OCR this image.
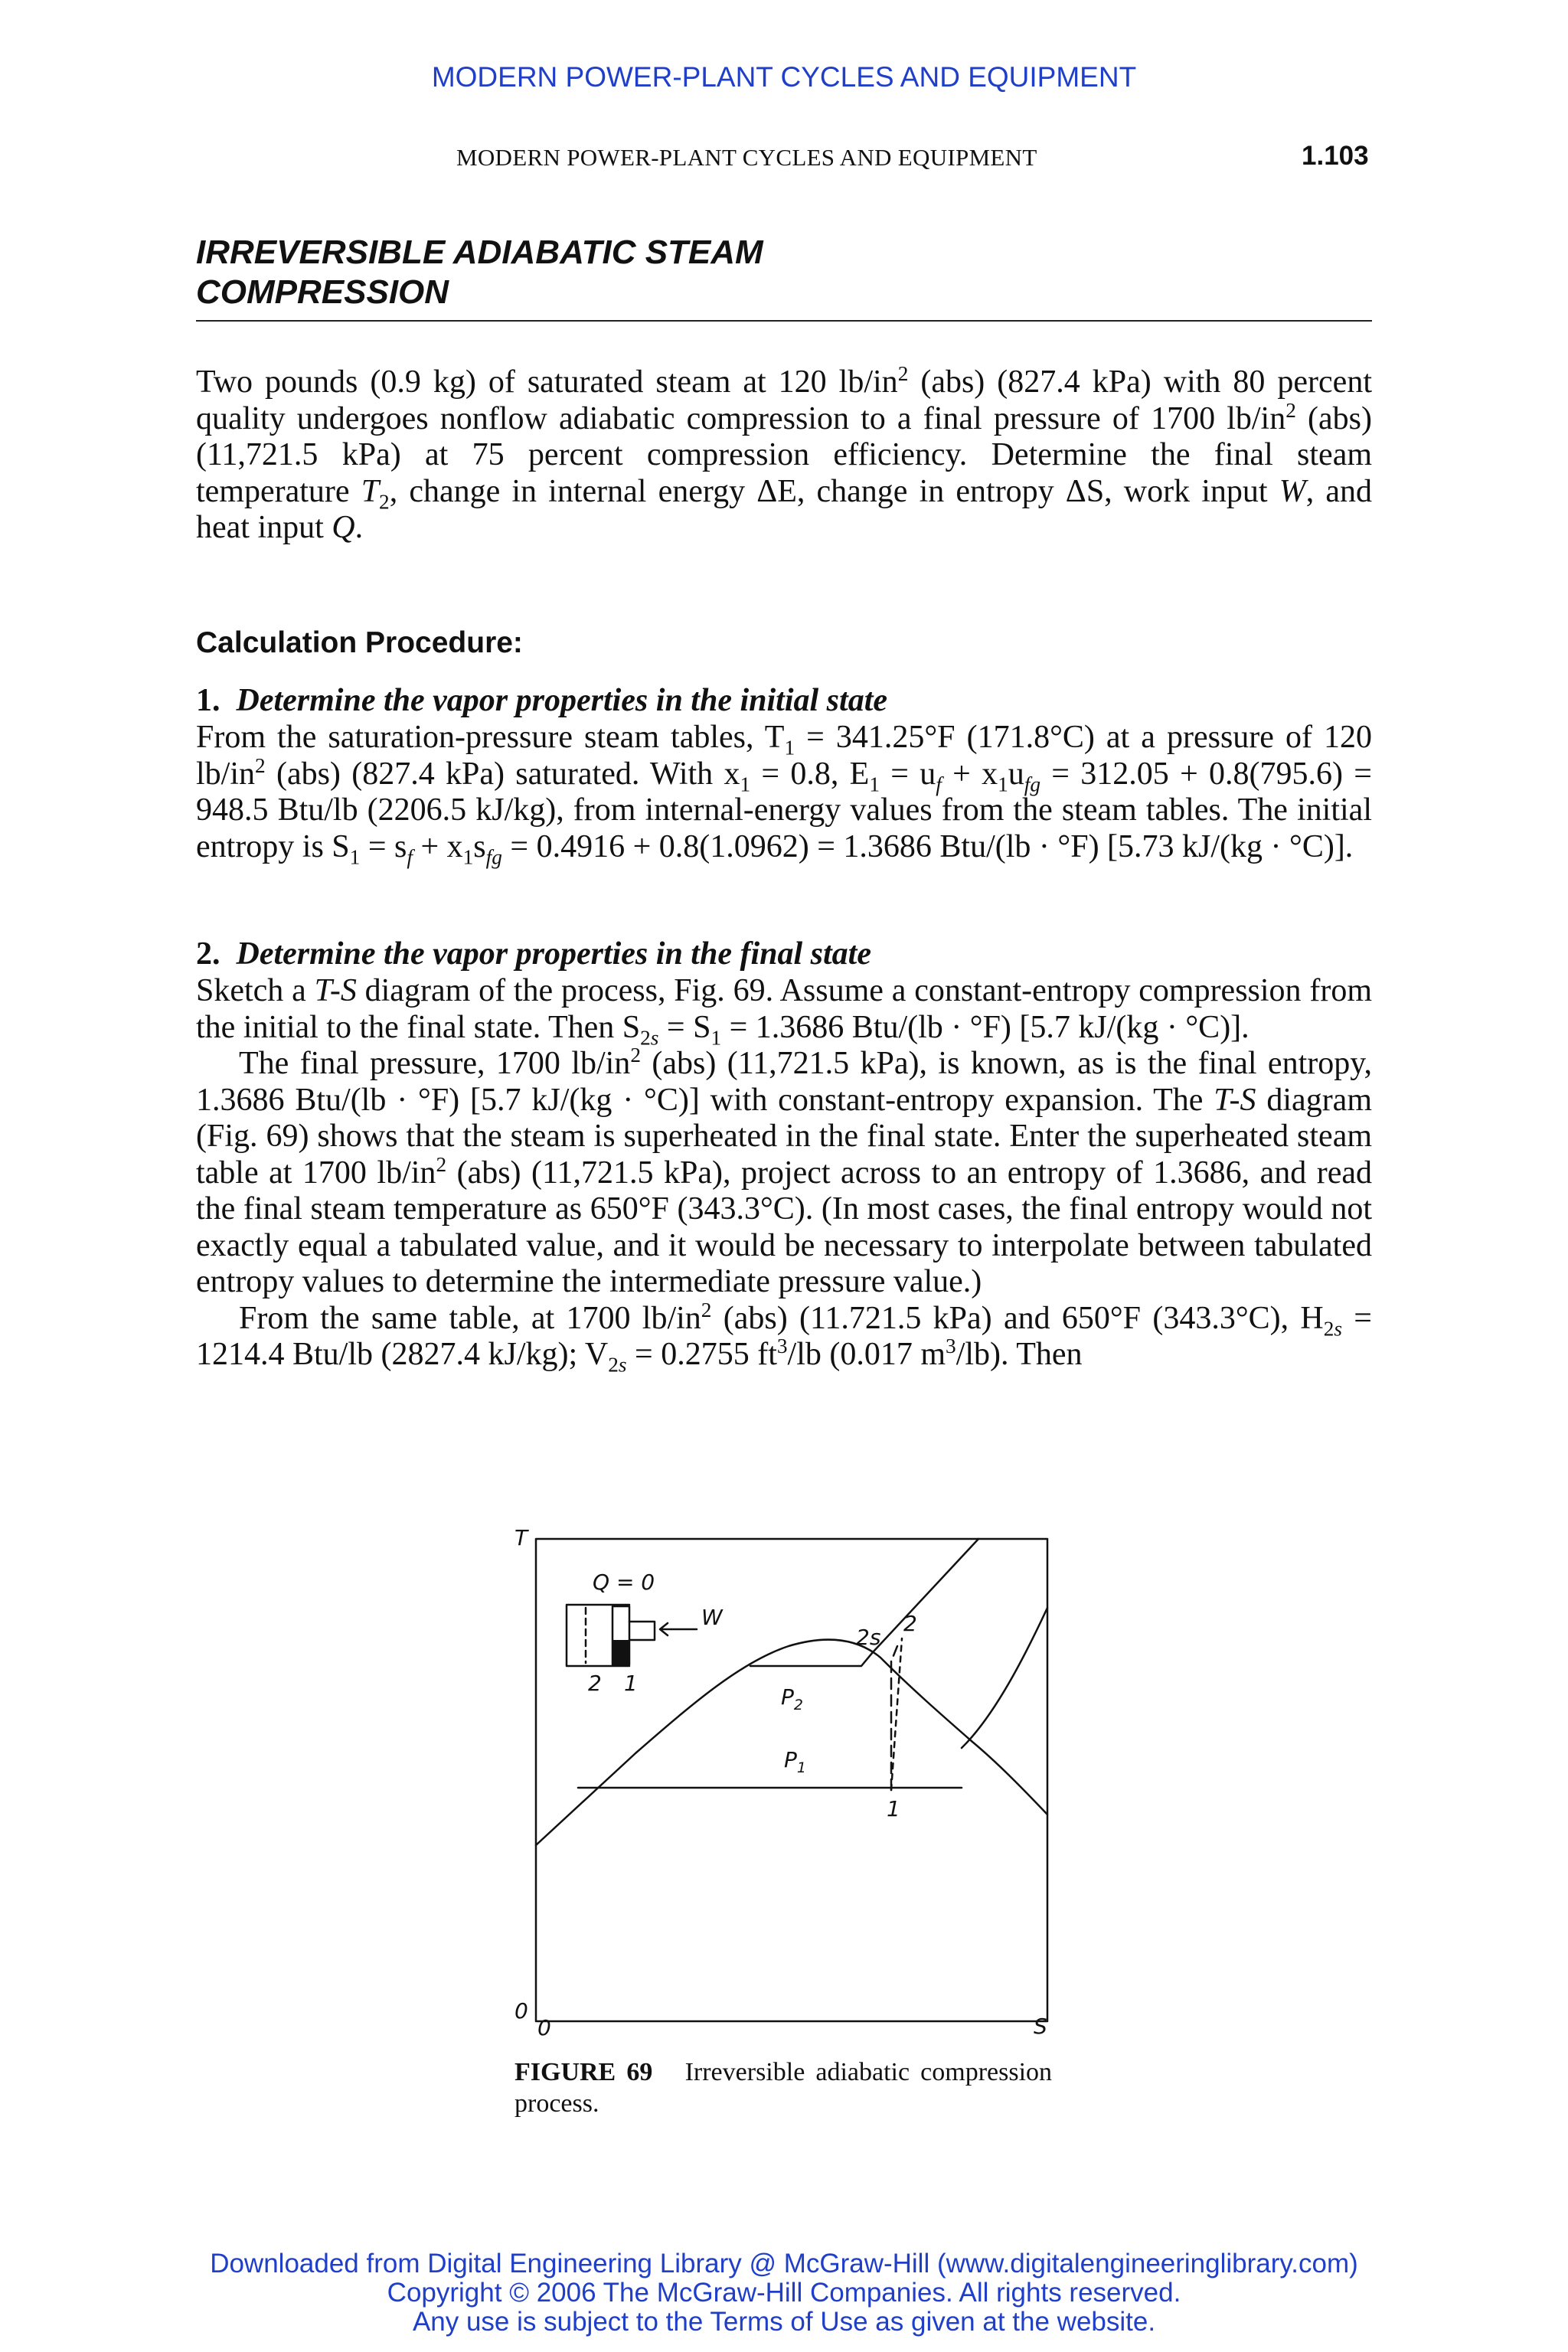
MODERN POWER-PLANT CYCLES AND EQUIPMENT
MODERN POWER-PLANT CYCLES AND EQUIPMENT	1.103
IRREVERSIBLE ADIABATIC STEAM
COMPRESSION
Two pounds (0.9 kg) of saturated steam at 120 $lb/in^2$ (abs) (827.4 kPa) with 80 percent quality undergoes nonflow adiabatic compression to a final pressure of 1700 $lb/in^2$ (abs) (11,721.5 kPa) at 75 percent compression efficiency. Determine the final steam temperature $T_2$, change in internal energy ΔE, change in entropy ΔS, work input W, and heat input Q.
Calculation Procedure:
1. Determine the vapor properties in the initial state
From the saturation-pressure steam tables, $T_1 = 341.25^\circ F$ (171.8°C) at a pressure of 120 $lb/in^2$ (abs) (827.4 kPa) saturated. With $x_1 = 0.8$, $E_1 = u_f + x_1u_{fg} = 312.05 + 0.8(795.6) = 948.5$ Btu/lb (2206.5 kJ/kg), from internal-energy values from the steam tables. The initial entropy is $S_1 = s_f + x_1s_{fg} = 0.4916 + 0.8(1.0962) = 1.3686$ Btu/(lb · °F) [5.73 kJ/(kg · °C)].
2. Determine the vapor properties in the final state
Sketch a T-S diagram of the process, Fig. 69. Assume a constant-entropy compression from the initial to the final state. Then $S_{2s} = S_1 = 1.3686$ Btu/(lb · °F) [5.7 kJ/(kg · °C)].
The final pressure, 1700 $lb/in^2$ (abs) (11,721.5 kPa), is known, as is the final entropy, 1.3686 Btu/(lb · °F) [5.7 kJ/(kg · °C)] with constant-entropy expansion. The T-S diagram (Fig. 69) shows that the steam is superheated in the final state. Enter the superheated steam table at 1700 $lb/in^2$ (abs) (11,721.5 kPa), project across to an entropy of 1.3686, and read the final steam temperature as 650°F (343.3°C). (In most cases, the final entropy would not exactly equal a tabulated value, and it would be necessary to interpolate between tabulated entropy values to determine the intermediate pressure value.)
From the same table, at 1700 $lb/in^2$ (abs) (11.721.5 kPa) and 650°F (343.3°C), $H_{2s} = 1214.4$ Btu/lb (2827.4 kJ/kg); $V_{2s} = 0.2755$ $ft^3/lb$ (0.017 $m^3/lb$). Then
T
S
0
0
Q = 0
W
2 1
2s
2
$P_2$
$P_1$
1
FIGURE 69 Irreversible adiabatic compression process.
Downloaded from Digital Engineering Library @ McGraw-Hill (www.digitalengineeringlibrary.com)
Copyright © 2006 The McGraw-Hill Companies. All rights reserved.
Any use is subject to the Terms of Use as given at the website.
